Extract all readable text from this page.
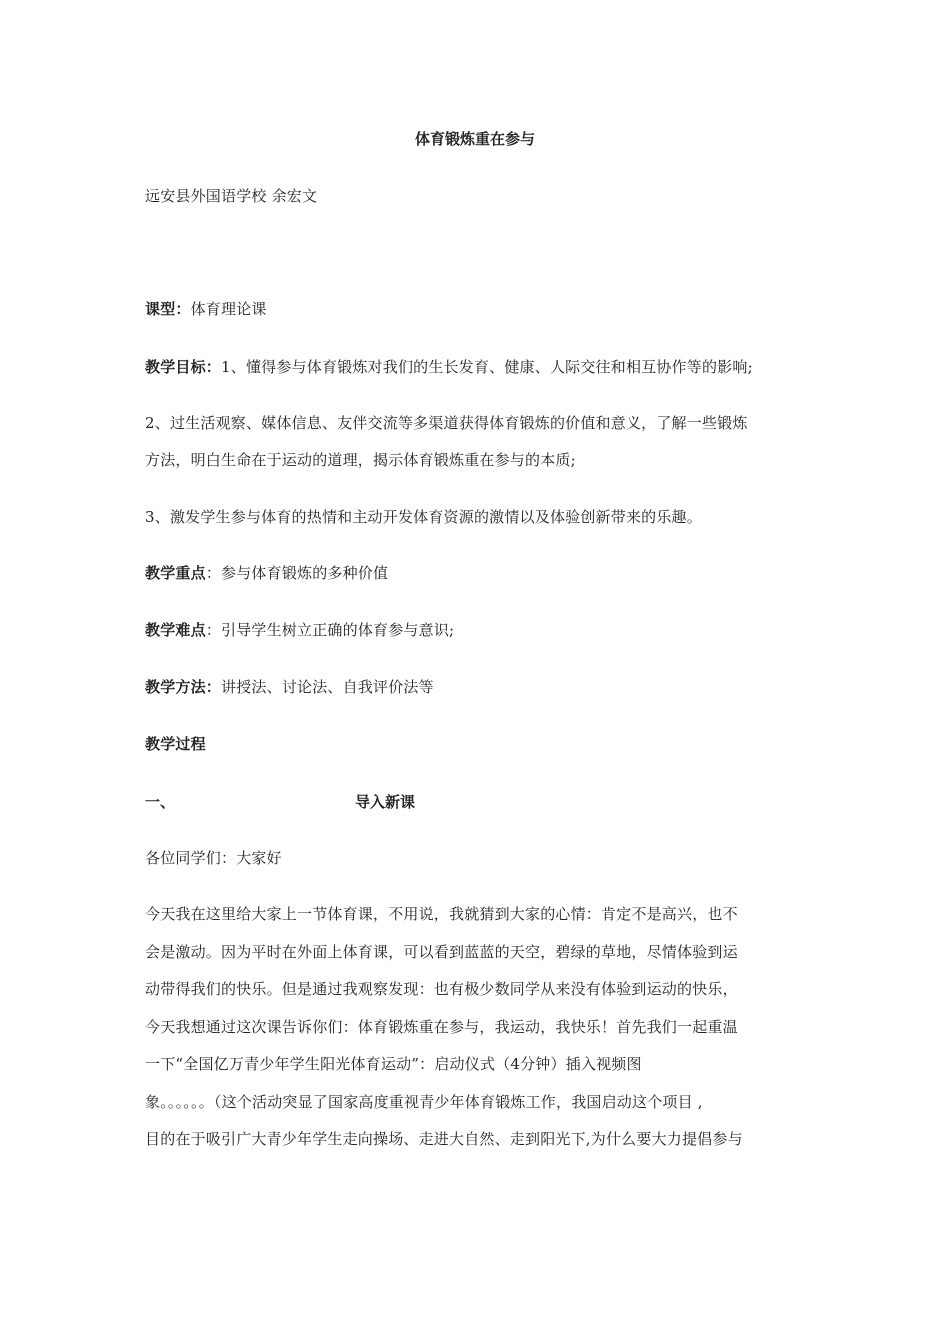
体育锻炼重在参与
远安县外国语学校 余宏文
课型：体育理论课
教学目标：1、懂得参与体育锻炼对我们的生长发育、健康、人际交往和相互协作等的影响;
2、过生活观察、媒体信息、友伴交流等多渠道获得体育锻炼的价值和意义，了解一些锻炼
方法，明白生命在于运动的道理，揭示体育锻炼重在参与的本质;
3、激发学生参与体育的热情和主动开发体育资源的激情以及体验创新带来的乐趣。
教学重点：参与体育锻炼的多种价值
教学难点：引导学生树立正确的体育参与意识;
教学方法：讲授法、讨论法、自我评价法等
教学过程
一、	导入新课
各位同学们：大家好
今天我在这里给大家上一节体育课，不用说，我就猜到大家的心情：肯定不是高兴，也不
会是激动。因为平时在外面上体育课，可以看到蓝蓝的天空，碧绿的草地，尽情体验到运
动带得我们的快乐。但是通过我观察发现：也有极少数同学从来没有体验到运动的快乐，
今天我想通过这次课告诉你们：体育锻炼重在参与，我运动，我快乐！首先我们一起重温
一下“全国亿万青少年学生阳光体育运动”：启动仪式（4分钟）插入视频图
象。。。。。。（这个活动突显了国家高度重视青少年体育锻炼工作，我国启动这个项目 ,
目的在于吸引广大青少年学生走向操场、走进大自然、走到阳光下,为什么要大力提倡参与
